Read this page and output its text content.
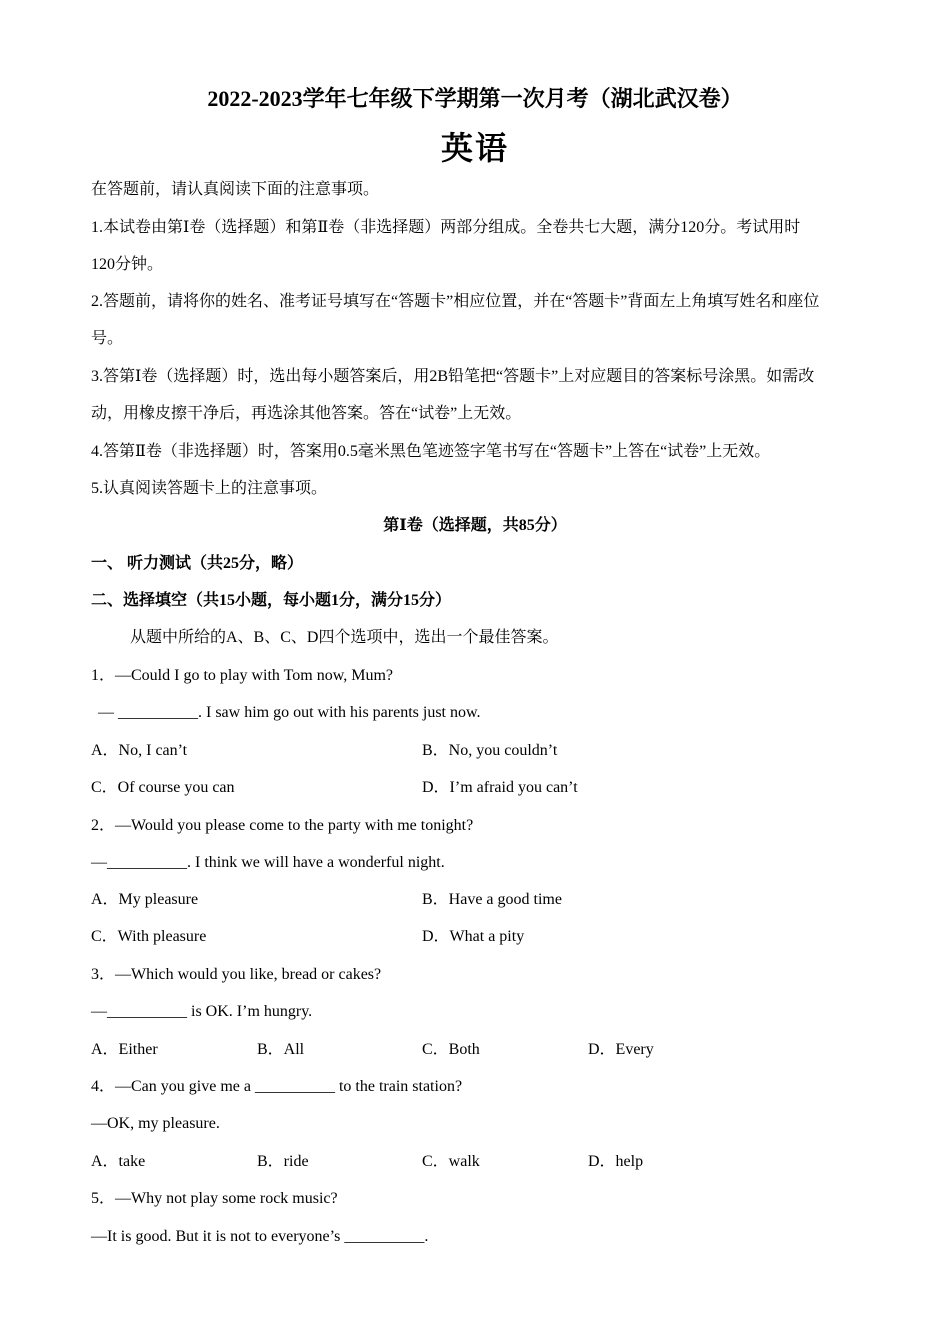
2022-2023学年七年级下学期第一次月考（湖北武汉卷）
英语
在答题前，请认真阅读下面的注意事项。
1.本试卷由第Ⅰ卷（选择题）和第Ⅱ卷（非选择题）两部分组成。全卷共七大题，满分120分。考试用时
120分钟。
2.答题前，请将你的姓名、准考证号填写在“答题卡”相应位置，并在“答题卡”背面左上角填写姓名和座位
号。
3.答第Ⅰ卷（选择题）时，选出每小题答案后，用2B铅笔把“答题卡”上对应题目的答案标号涂黑。如需改
动，用橡皮擦干净后，再选涂其他答案。答在“试卷”上无效。
4.答第Ⅱ卷（非选择题）时，答案用0.5毫米黑色笔迹签字笔书写在“答题卡”上答在“试卷”上无效。
5.认真阅读答题卡上的注意事项。
第Ⅰ卷（选择题，共85分）
一、 听力测试（共25分，略）
二、选择填空（共15小题，每小题1分，满分15分）
从题中所给的A、B、C、D四个选项中，选出一个最佳答案。
1．—Could I go to play with Tom now, Mum?
— __________. I saw him go out with his parents just now.
A．No, I can’t	B．No, you couldn’t
C．Of course you can	D．I’m afraid you can’t
2．—Would you please come to the party with me tonight?
—__________. I think we will have a wonderful night.
A．My pleasure	B．Have a good time
C．With pleasure	D．What a pity
3．—Which would you like, bread or cakes?
—__________ is OK. I’m hungry.
A．Either	B．All	C．Both	D．Every
4．—Can you give me a __________ to the train station?
—OK, my pleasure.
A．take	B．ride	C．walk	D．help
5．—Why not play some rock music?
—It is good. But it is not to everyone’s __________.
